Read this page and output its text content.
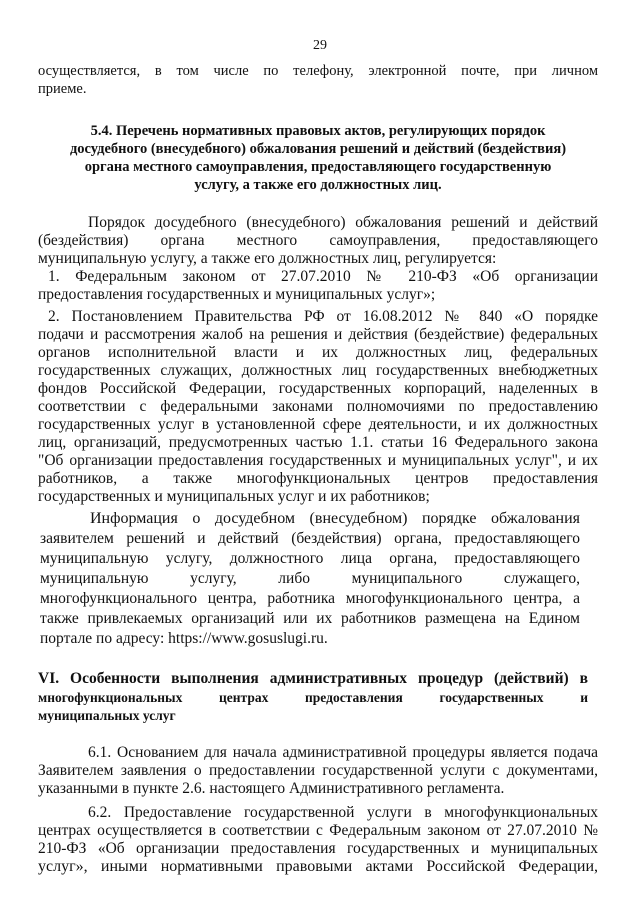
29
осуществляется, в том числе по телефону, электронной почте, при личном
приеме.
5.4. Перечень нормативных правовых актов, регулирующих порядок
досудебного (внесудебного) обжалования решений и действий (бездействия)
органа местного самоуправления, предоставляющего государственную
услугу, а также его должностных лиц.
Порядок досудебного (внесудебного) обжалования решений и действий
(бездействия) органа местного самоуправления, предоставляющего
муниципальную услугу, а также его должностных лиц, регулируется:
1. Федеральным законом от 27.07.2010 № 210-ФЗ «Об организации
предоставления государственных и муниципальных услуг»;
2. Постановлением Правительства РФ от 16.08.2012 № 840 «О порядке
подачи и рассмотрения жалоб на решения и действия (бездействие) федеральных
органов исполнительной власти и их должностных лиц, федеральных
государственных служащих, должностных лиц государственных внебюджетных
фондов Российской Федерации, государственных корпораций, наделенных в
соответствии с федеральными законами полномочиями по предоставлению
государственных услуг в установленной сфере деятельности, и их должностных
лиц, организаций, предусмотренных частью 1.1. статьи 16 Федерального закона
"Об организации предоставления государственных и муниципальных услуг", и их
работников, а также многофункциональных центров предоставления
государственных и муниципальных услуг и их работников;
Информация о досудебном (внесудебном) порядке обжалования
заявителем решений и действий (бездействия) органа, предоставляющего
муниципальную услугу, должностного лица органа, предоставляющего
муниципальную услугу, либо муниципального служащего,
многофункционального центра, работника многофункционального центра, а
также привлекаемых организаций или их работников размещена на Едином
портале по адресу: https://www.gosuslugi.ru.
VI. Особенности выполнения административных процедур (действий) в
многофункциональных центрах предоставления государственных и
муниципальных услуг
6.1. Основанием для начала административной процедуры является подача
Заявителем заявления о предоставлении государственной услуги с документами,
указанными в пункте 2.6. настоящего Административного регламента.
6.2. Предоставление государственной услуги в многофункциональных
центрах осуществляется в соответствии с Федеральным законом от 27.07.2010 №
210-ФЗ «Об организации предоставления государственных и муниципальных
услуг», иными нормативными правовыми актами Российской Федерации,
